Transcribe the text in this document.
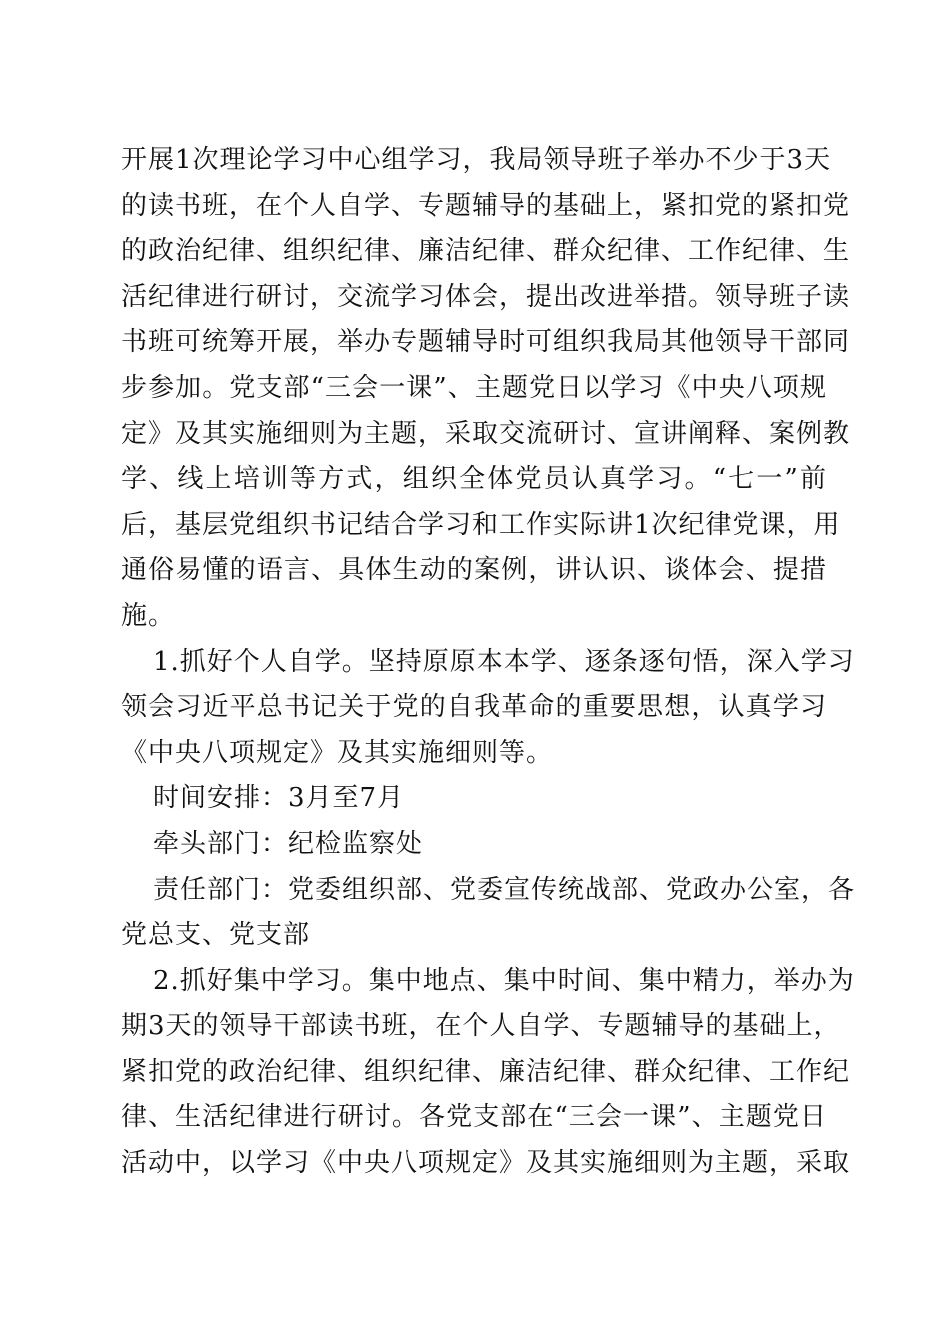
开展1次理论学习中心组学习，我局领导班子举办不少于3天
的读书班，在个人自学、专题辅导的基础上，紧扣党的紧扣党
的政治纪律、组织纪律、廉洁纪律、群众纪律、工作纪律、生
活纪律进行研讨，交流学习体会，提出改进举措。领导班子读
书班可统筹开展，举办专题辅导时可组织我局其他领导干部同
步参加。党支部“三会一课”、主题党日以学习《中央八项规
定》及其实施细则为主题，采取交流研讨、宣讲阐释、案例教
学、线上培训等方式，组织全体党员认真学习。“七一”前
后，基层党组织书记结合学习和工作实际讲1次纪律党课，用
通俗易懂的语言、具体生动的案例，讲认识、谈体会、提措
施。

1.抓好个人自学。坚持原原本本学、逐条逐句悟，深入学习
领会习近平总书记关于党的自我革命的重要思想，认真学习
《中央八项规定》及其实施细则等。

时间安排：3月至7月

牵头部门：纪检监察处

责任部门：党委组织部、党委宣传统战部、党政办公室，各
党总支、党支部

2.抓好集中学习。集中地点、集中时间、集中精力，举办为
期3天的领导干部读书班，在个人自学、专题辅导的基础上，
紧扣党的政治纪律、组织纪律、廉洁纪律、群众纪律、工作纪
律、生活纪律进行研讨。各党支部在“三会一课”、主题党日
活动中，以学习《中央八项规定》及其实施细则为主题，采取
